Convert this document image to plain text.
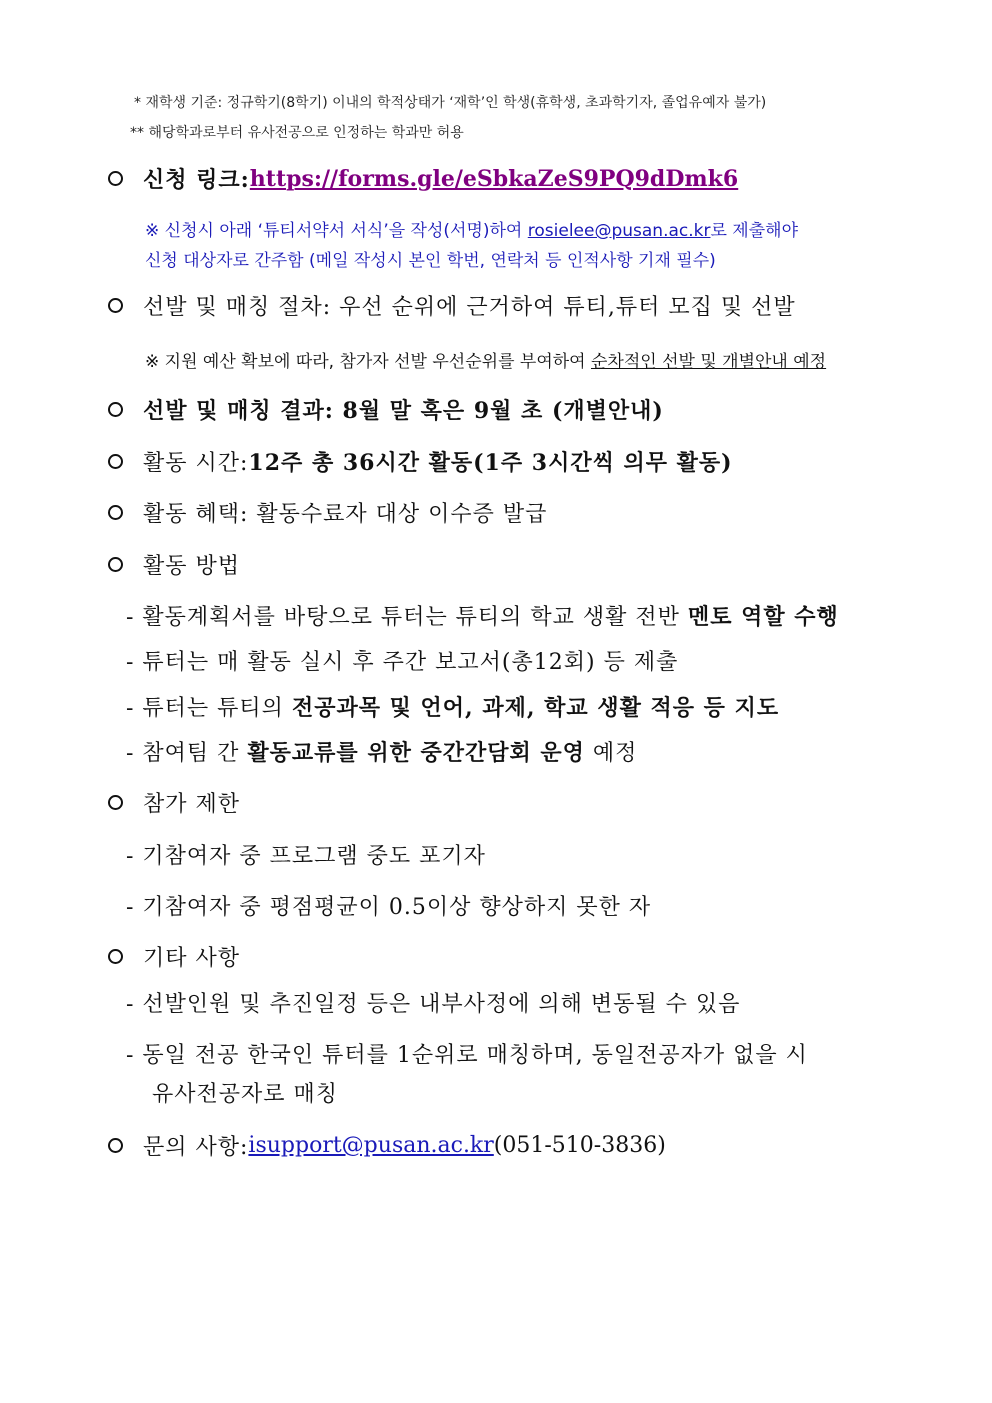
* 재학생 기준: 정규학기(8학기) 이내의 학적상태가 ‘재학’인 학생(휴학생, 초과학기자, 졸업유예자 불가)
** 해당학과로부터 유사전공으로 인정하는 학과만 허용
신청 링크: https://forms.gle/eSbkaZeS9PQ9dDmk6
※ 신청시 아래 ‘튜티서약서 서식’을 작성(서명)하여 rosielee@pusan.ac.kr로 제출해야
신청 대상자로 간주함 (메일 작성시 본인 학번, 연락처 등 인적사항 기재 필수)
선발 및 매칭 절차: 우선 순위에 근거하여 튜티,튜터 모집 및 선발
※ 지원 예산 확보에 따라, 참가자 선발 우선순위를 부여하여 순차적인 선발 및 개별안내 예정
선발 및 매칭 결과: 8월 말 혹은 9월 초 (개별안내)
활동 시간: 12주 총 36시간 활동(1주 3시간씩 의무 활동)
활동 혜택: 활동수료자 대상 이수증 발급
활동 방법
- 활동계획서를 바탕으로 튜터는 튜티의 학교 생활 전반 멘토 역할 수행
- 튜터는 매 활동 실시 후 주간 보고서(총12회) 등 제출
- 튜터는 튜티의 전공과목 및 언어, 과제, 학교 생활 적응 등 지도
- 참여팀 간 활동교류를 위한 중간간담회 운영 예정
참가 제한
- 기참여자 중 프로그램 중도 포기자
- 기참여자 중 평점평균이 0.5이상 향상하지 못한 자
기타 사항
- 선발인원 및 추진일정 등은 내부사정에 의해 변동될 수 있음
- 동일 전공 한국인 튜터를 1순위로 매칭하며, 동일전공자가 없을 시
유사전공자로 매칭
문의 사항: isupport@pusan.ac.kr (051-510-3836)
